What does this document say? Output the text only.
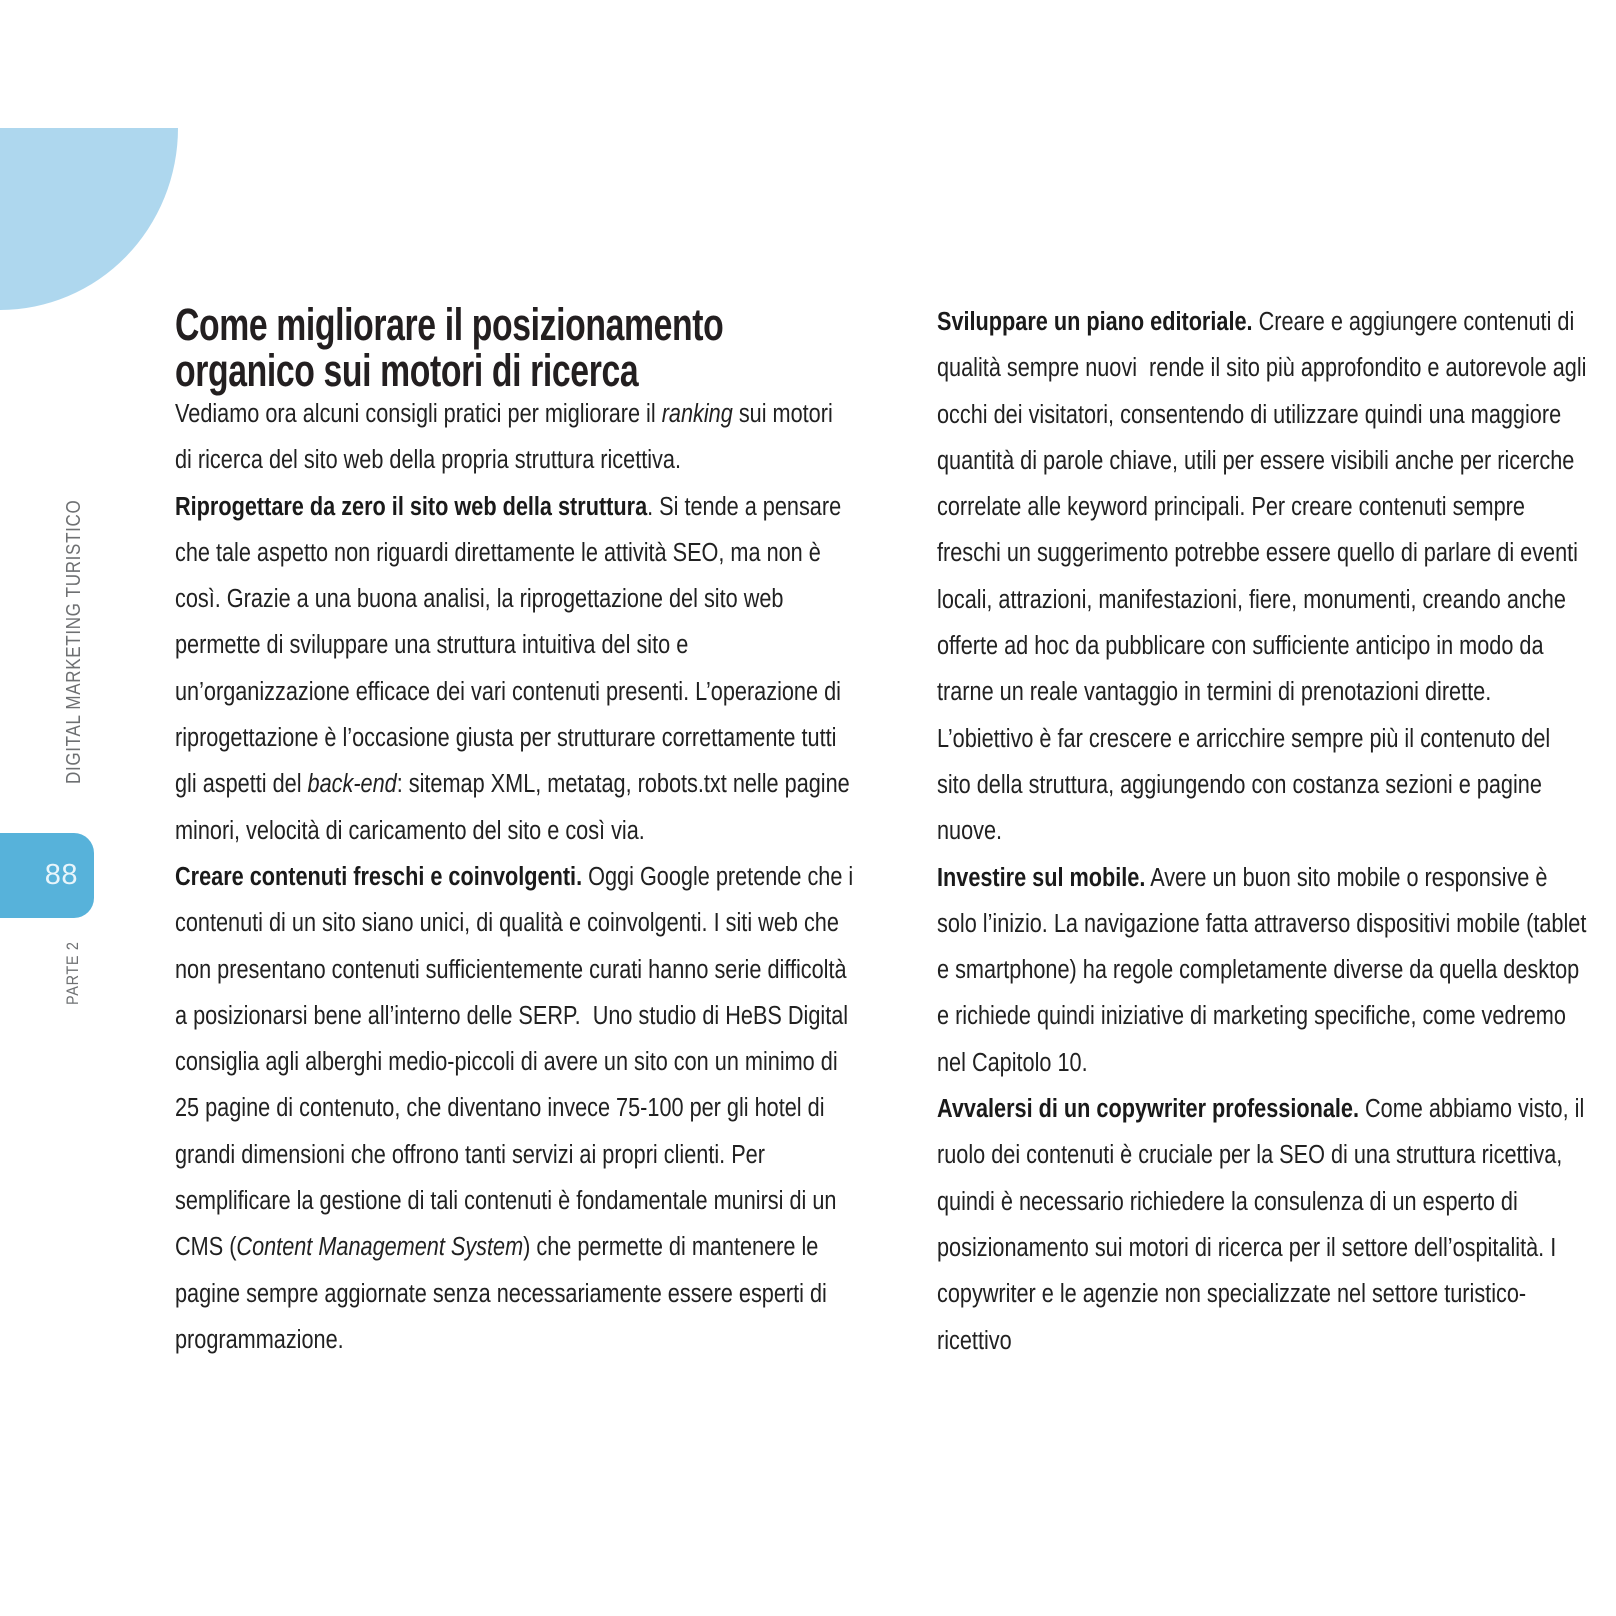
DIGITAL MARKETING TURISTICO
88
PARTE 2
Come migliorare il posizionamento
organico sui motori di ricerca

Vediamo ora alcuni consigli pratici per migliorare il ranking sui motori di ricerca del sito web della propria struttura ricettiva.

Riprogettare da zero il sito web della struttura. Si tende a pensare che tale aspetto non riguardi direttamente le attività SEO, ma non è così. Grazie a una buona analisi, la riprogettazione del sito web permette di sviluppare una struttura intuitiva del sito e un’organizzazione efficace dei vari contenuti presenti. L’operazione di riprogettazione è l’occasione giusta per strutturare correttamente tutti gli aspetti del back-end: sitemap XML, metatag, robots.txt nelle pagine minori, velocità di caricamento del sito e così via.

Creare contenuti freschi e coinvolgenti. Oggi Google pretende che i contenuti di un sito siano unici, di qualità e coinvolgenti. I siti web che non presentano contenuti sufficientemente curati hanno serie difficoltà a posizionarsi bene all’interno delle SERP.  Uno studio di HeBS Digital consiglia agli alberghi medio-piccoli di avere un sito con un minimo di 25 pagine di contenuto, che diventano invece 75-100 per gli hotel di grandi dimensioni che offrono tanti servizi ai propri clienti. Per semplificare la gestione di tali contenuti è fondamentale munirsi di un CMS (Content Management System) che permette di mantenere le pagine sempre aggiornate senza necessariamente essere esperti di programmazione.

Sviluppare un piano editoriale. Creare e aggiungere contenuti di qualità sempre nuovi  rende il sito più approfondito e autorevole agli occhi dei visitatori, consentendo di utilizzare quindi una maggiore quantità di parole chiave, utili per essere visibili anche per ricerche correlate alle keyword principali. Per creare contenuti sempre freschi un suggerimento potrebbe essere quello di parlare di eventi locali, attrazioni, manifestazioni, fiere, monumenti, creando anche offerte ad hoc da pubblicare con sufficiente anticipo in modo da trarne un reale vantaggio in termini di prenotazioni dirette. L’obiettivo è far crescere e arricchire sempre più il contenuto del sito della struttura, aggiungendo con costanza sezioni e pagine nuove.

Investire sul mobile. Avere un buon sito mobile o responsive è solo l’inizio. La navigazione fatta attraverso dispositivi mobile (tablet e smartphone) ha regole completamente diverse da quella desktop e richiede quindi iniziative di marketing specifiche, come vedremo nel Capitolo 10.

Avvalersi di un copywriter professionale. Come abbiamo visto, il ruolo dei contenuti è cruciale per la SEO di una struttura ricettiva, quindi è necessario richiedere la consulenza di un esperto di posizionamento sui motori di ricerca per il settore dell’ospitalità. I copywriter e le agenzie non specializzate nel settore turistico-ricettivo
